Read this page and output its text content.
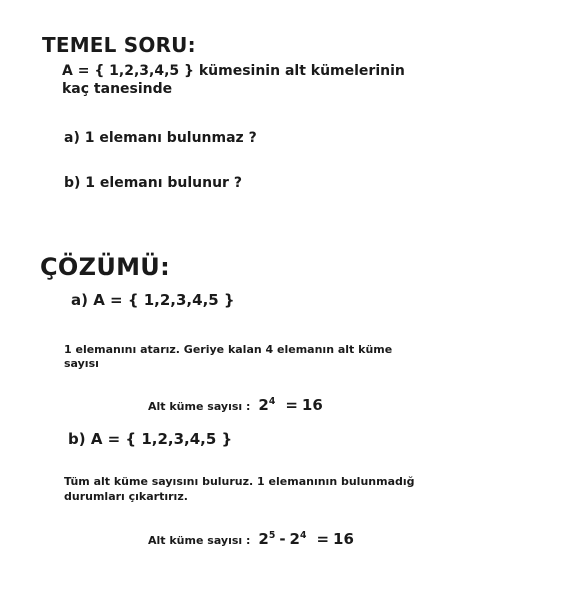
TEMEL SORU:
A = { 1,2,3,4,5 } kümesinin alt kümelerinin
kaç tanesinde
a) 1 elemanı bulunmaz ?
b) 1 elemanı bulunur ?
ÇÖZÜMÜ:
a) A = { 1,2,3,4,5 }
1 elemanını atarız. Geriye kalan 4 elemanın alt küme
sayısı
Alt küme sayısı : $2^4 = 16$
b) A = { 1,2,3,4,5 }
Tüm alt küme sayısını buluruz. 1 elemanının bulunmadığ
durumları çıkartırız.
Alt küme sayısı : $2^5 - 2^4 = 16$
